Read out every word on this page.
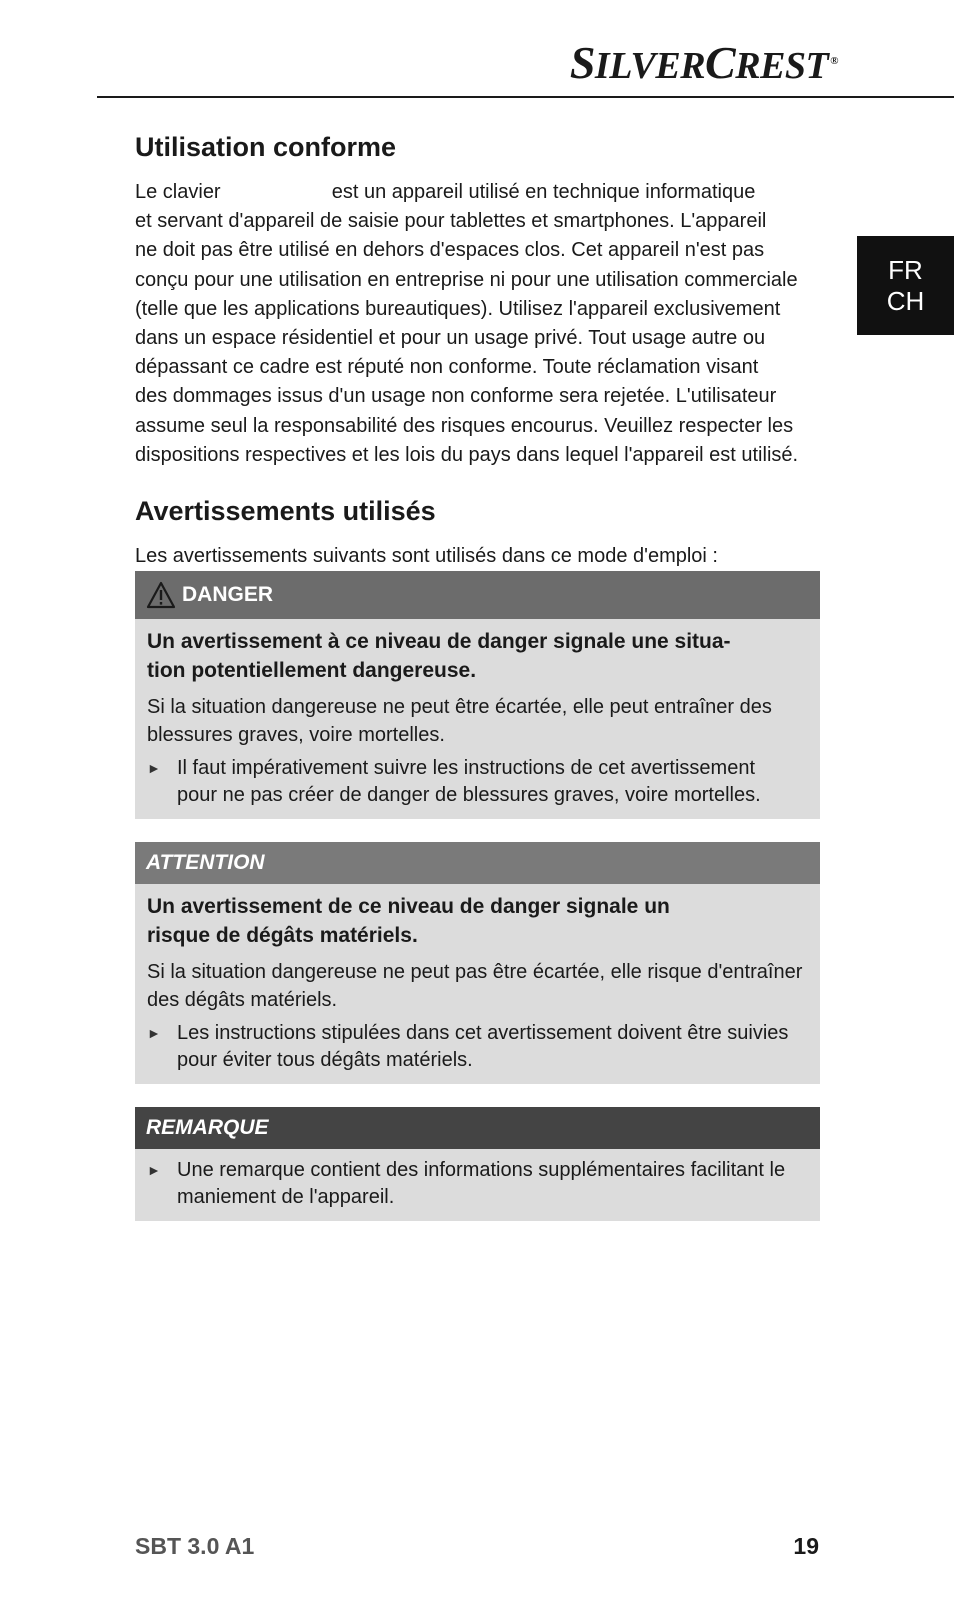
SILVERCREST ®
FR
CH
Utilisation conforme

Le clavier                    est un appareil utilisé en technique informatique
et servant d'appareil de saisie pour tablettes et smartphones. L'appareil
ne doit pas être utilisé en dehors d'espaces clos. Cet appareil n'est pas
conçu pour une utilisation en entreprise ni pour une utilisation commerciale
(telle que les applications bureautiques). Utilisez l'appareil exclusivement
dans un espace résidentiel et pour un usage privé. Tout usage autre ou
dépassant ce cadre est réputé non conforme. Toute réclamation visant
des dommages issus d'un usage non conforme sera rejetée. L'utilisateur
assume seul la responsabilité des risques encourus. Veuillez respecter les
dispositions respectives et les lois du pays dans lequel l'appareil est utilisé.

Avertissements utilisés

Les avertissements suivants sont utilisés dans ce mode d'emploi :

DANGER

Un avertissement à ce niveau de danger signale une situa-
tion potentiellement dangereuse.

Si la situation dangereuse ne peut être écartée, elle peut entraîner des
blessures graves, voire mortelles.

► Il faut impérativement suivre les instructions de cet avertissement
pour ne pas créer de danger de blessures graves, voire mortelles.
ATTENTION

Un avertissement de ce niveau de danger signale un
risque de dégâts matériels.

Si la situation dangereuse ne peut pas être écartée, elle risque d'entraîner
des dégâts matériels.

► Les instructions stipulées dans cet avertissement doivent être suivies
pour éviter tous dégâts matériels.
REMARQUE
► Une remarque contient des informations supplémentaires facilitant le
maniement de l'appareil.
SBT 3.0 A1	19
